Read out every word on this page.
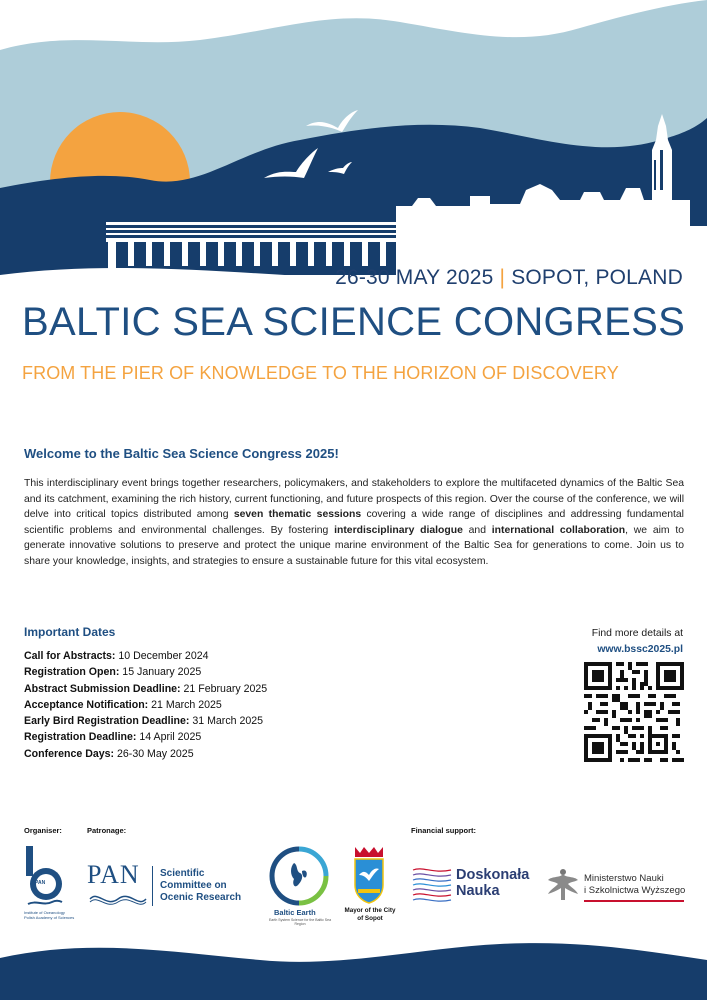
26-30 MAY 2025 | SOPOT, POLAND
BALTIC SEA SCIENCE CONGRESS
FROM THE PIER OF KNOWLEDGE TO THE HORIZON OF DISCOVERY
Welcome to the Baltic Sea Science Congress 2025!
This interdisciplinary event brings together researchers, policymakers, and stakeholders to explore the multifaceted dynamics of the Baltic Sea and its catchment, examining the rich history, current functioning, and future prospects of this region. Over the course of the conference, we will delve into critical topics distributed among seven thematic sessions covering a wide range of disciplines and addressing fundamental scientific problems and environmental challenges. By fostering interdisciplinary dialogue and international collaboration, we aim to generate innovative solutions to preserve and protect the unique marine environment of the Baltic Sea for generations to come. Join us to share your knowledge, insights, and strategies to ensure a sustainable future for this vital ecosystem.
Important Dates
Call for Abstracts: 10 December 2024
Registration Open: 15 January 2025
Abstract Submission Deadline: 21 February 2025
Acceptance Notification: 21 March 2025
Early Bird Registration Deadline: 31 March 2025
Registration Deadline: 14 April 2025
Conference Days: 26-30 May 2025
Find more details at
www.bssc2025.pl
Organiser:	Patronage:	Financial support:
PAN
Institute of Oceanology
Polish Academy of Sciences
PAN Scientific
Committee on
Ocenic Research
Baltic Earth
Earth System Science for the Baltic Sea Region
Mayor of the City
of Sopot
Doskonała
Nauka
Ministerstwo Nauki
i Szkolnictwa Wyższego
